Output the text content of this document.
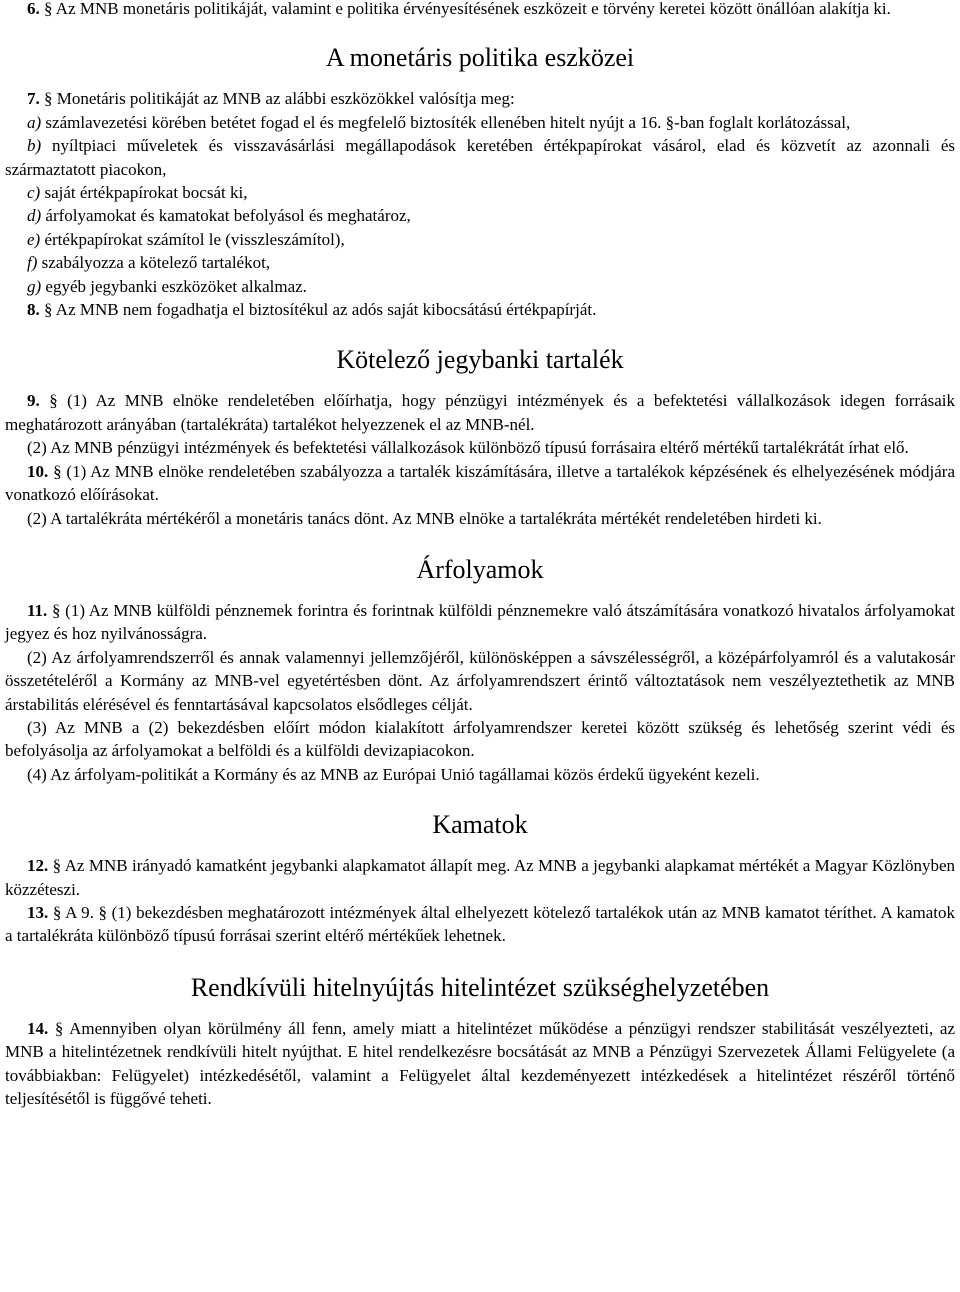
6. § Az MNB monetáris politikáját, valamint e politika érvényesítésének eszközeit e törvény keretei között önállóan alakítja ki.

A monetáris politika eszközei

7. § Monetáris politikáját az MNB az alábbi eszközökkel valósítja meg:

a) számlavezetési körében betétet fogad el és megfelelő biztosíték ellenében hitelt nyújt a 16. §-ban foglalt korlátozással,

b) nyíltpiaci műveletek és visszavásárlási megállapodások keretében értékpapírokat vásárol, elad és közvetít az azonnali és származtatott piacokon,

c) saját értékpapírokat bocsát ki,

d) árfolyamokat és kamatokat befolyásol és meghatároz,

e) értékpapírokat számítol le (visszleszámítol),

f) szabályozza a kötelező tartalékot,

g) egyéb jegybanki eszközöket alkalmaz.

8. § Az MNB nem fogadhatja el biztosítékul az adós saját kibocsátású értékpapírját.

Kötelező jegybanki tartalék

9. § (1) Az MNB elnöke rendeletében előírhatja, hogy pénzügyi intézmények és a befektetési vállalkozások idegen forrásaik meghatározott arányában (tartalékráta) tartalékot helyezzenek el az MNB-nél.

(2) Az MNB pénzügyi intézmények és befektetési vállalkozások különböző típusú forrásaira eltérő mértékű tartalékrátát írhat elő.

10. § (1) Az MNB elnöke rendeletében szabályozza a tartalék kiszámítására, illetve a tartalékok képzésének és elhelyezésének módjára vonatkozó előírásokat.

(2) A tartalékráta mértékéről a monetáris tanács dönt. Az MNB elnöke a tartalékráta mértékét rendeletében hirdeti ki.

Árfolyamok

11. § (1) Az MNB külföldi pénznemek forintra és forintnak külföldi pénznemekre való átszámítására vonatkozó hivatalos árfolyamokat jegyez és hoz nyilvánosságra.

(2) Az árfolyamrendszerről és annak valamennyi jellemzőjéről, különösképpen a sávszélességről, a középárfolyamról és a valutakosár összetételéről a Kormány az MNB-vel egyetértésben dönt. Az árfolyamrendszert érintő változtatások nem veszélyeztethetik az MNB árstabilitás elérésével és fenntartásával kapcsolatos elsődleges célját.

(3) Az MNB a (2) bekezdésben előírt módon kialakított árfolyamrendszer keretei között szükség és lehetőség szerint védi és befolyásolja az árfolyamokat a belföldi és a külföldi devizapiacokon.

(4) Az árfolyam-politikát a Kormány és az MNB az Európai Unió tagállamai közös érdekű ügyeként kezeli.

Kamatok

12. § Az MNB irányadó kamatként jegybanki alapkamatot állapít meg. Az MNB a jegybanki alapkamat mértékét a Magyar Közlönyben közzéteszi.

13. § A 9. § (1) bekezdésben meghatározott intézmények által elhelyezett kötelező tartalékok után az MNB kamatot téríthet. A kamatok a tartalékráta különböző típusú forrásai szerint eltérő mértékűek lehetnek.

Rendkívüli hitelnyújtás hitelintézet szükséghelyzetében

14. § Amennyiben olyan körülmény áll fenn, amely miatt a hitelintézet működése a pénzügyi rendszer stabilitását veszélyezteti, az MNB a hitelintézetnek rendkívüli hitelt nyújthat. E hitel rendelkezésre bocsátását az MNB a Pénzügyi Szervezetek Állami Felügyelete (a továbbiakban: Felügyelet) intézkedésétől, valamint a Felügyelet által kezdeményezett intézkedések a hitelintézet részéről történő teljesítésétől is függővé teheti.
